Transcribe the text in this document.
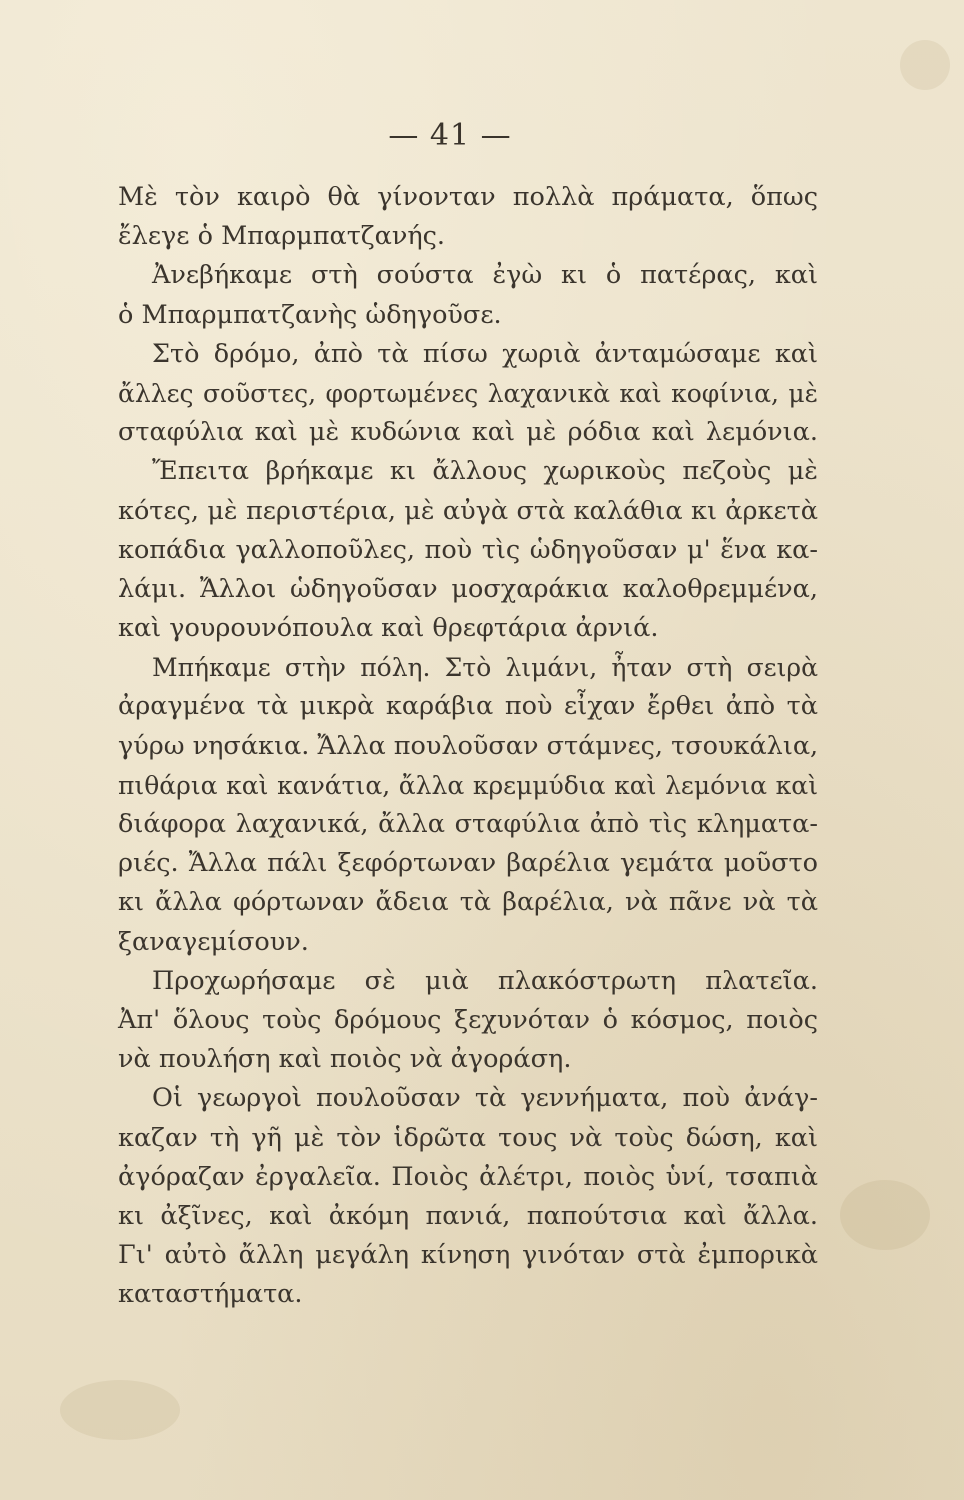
— 41 —
Μὲ τὸν καιρὸ θὰ γίνονταν πολλὰ πράματα, ὅπως
ἔλεγε ὁ Μπαρμπατζανής.
Ἀνεβήκαμε στὴ σούστα ἐγὼ κι ὁ πατέρας, καὶ
ὁ Μπαρμπατζανὴς ὡδηγοῦσε.
Στὸ δρόμο, ἀπὸ τὰ πίσω χωριὰ ἀνταμώσαμε καὶ
ἄλλες σοῦστες, φορτωμένες λαχανικὰ καὶ κοφίνια, μὲ
σταφύλια καὶ μὲ κυδώνια καὶ μὲ ρόδια καὶ λεμόνια.
Ἔπειτα βρήκαμε κι ἄλλους χωρικοὺς πεζοὺς μὲ
κότες, μὲ περιστέρια, μὲ αὐγὰ στὰ καλάθια κι ἀρκετὰ
κοπάδια γαλλοποῦλες, ποὺ τὶς ὡδηγοῦσαν μ' ἕνα κα-
λάμι. Ἄλλοι ὡδηγοῦσαν μοσχαράκια καλοθρεμμένα,
καὶ γουρουνόπουλα καὶ θρεφτάρια ἀρνιά.
Μπήκαμε στὴν πόλη. Στὸ λιμάνι, ἦταν στὴ σειρὰ
ἀραγμένα τὰ μικρὰ καράβια ποὺ εἶχαν ἔρθει ἀπὸ τὰ
γύρω νησάκια. Ἄλλα πουλοῦσαν στάμνες, τσουκάλια,
πιθάρια καὶ κανάτια, ἄλλα κρεμμύδια καὶ λεμόνια καὶ
διάφορα λαχανικά, ἄλλα σταφύλια ἀπὸ τὶς κληματα-
ριές. Ἄλλα πάλι ξεφόρτωναν βαρέλια γεμάτα μοῦστο
κι ἄλλα φόρτωναν ἄδεια τὰ βαρέλια, νὰ πᾶνε νὰ τὰ
ξαναγεμίσουν.
Προχωρήσαμε σὲ μιὰ πλακόστρωτη πλατεῖα.
Ἀπ' ὅλους τοὺς δρόμους ξεχυνόταν ὁ κόσμος, ποιὸς
νὰ πουλήση καὶ ποιὸς νὰ ἀγοράση.
Οἱ γεωργοὶ πουλοῦσαν τὰ γεννήματα, ποὺ ἀνάγ-
καζαν τὴ γῆ μὲ τὸν ἱδρῶτα τους νὰ τοὺς δώση, καὶ
ἀγόραζαν ἐργαλεῖα. Ποιὸς ἀλέτρι, ποιὸς ὑνί, τσαπιὰ
κι ἀξῖνες, καὶ ἀκόμη πανιά, παπούτσια καὶ ἄλλα.
Γι' αὐτὸ ἄλλη μεγάλη κίνηση γινόταν στὰ ἐμπορικὰ
καταστήματα.
